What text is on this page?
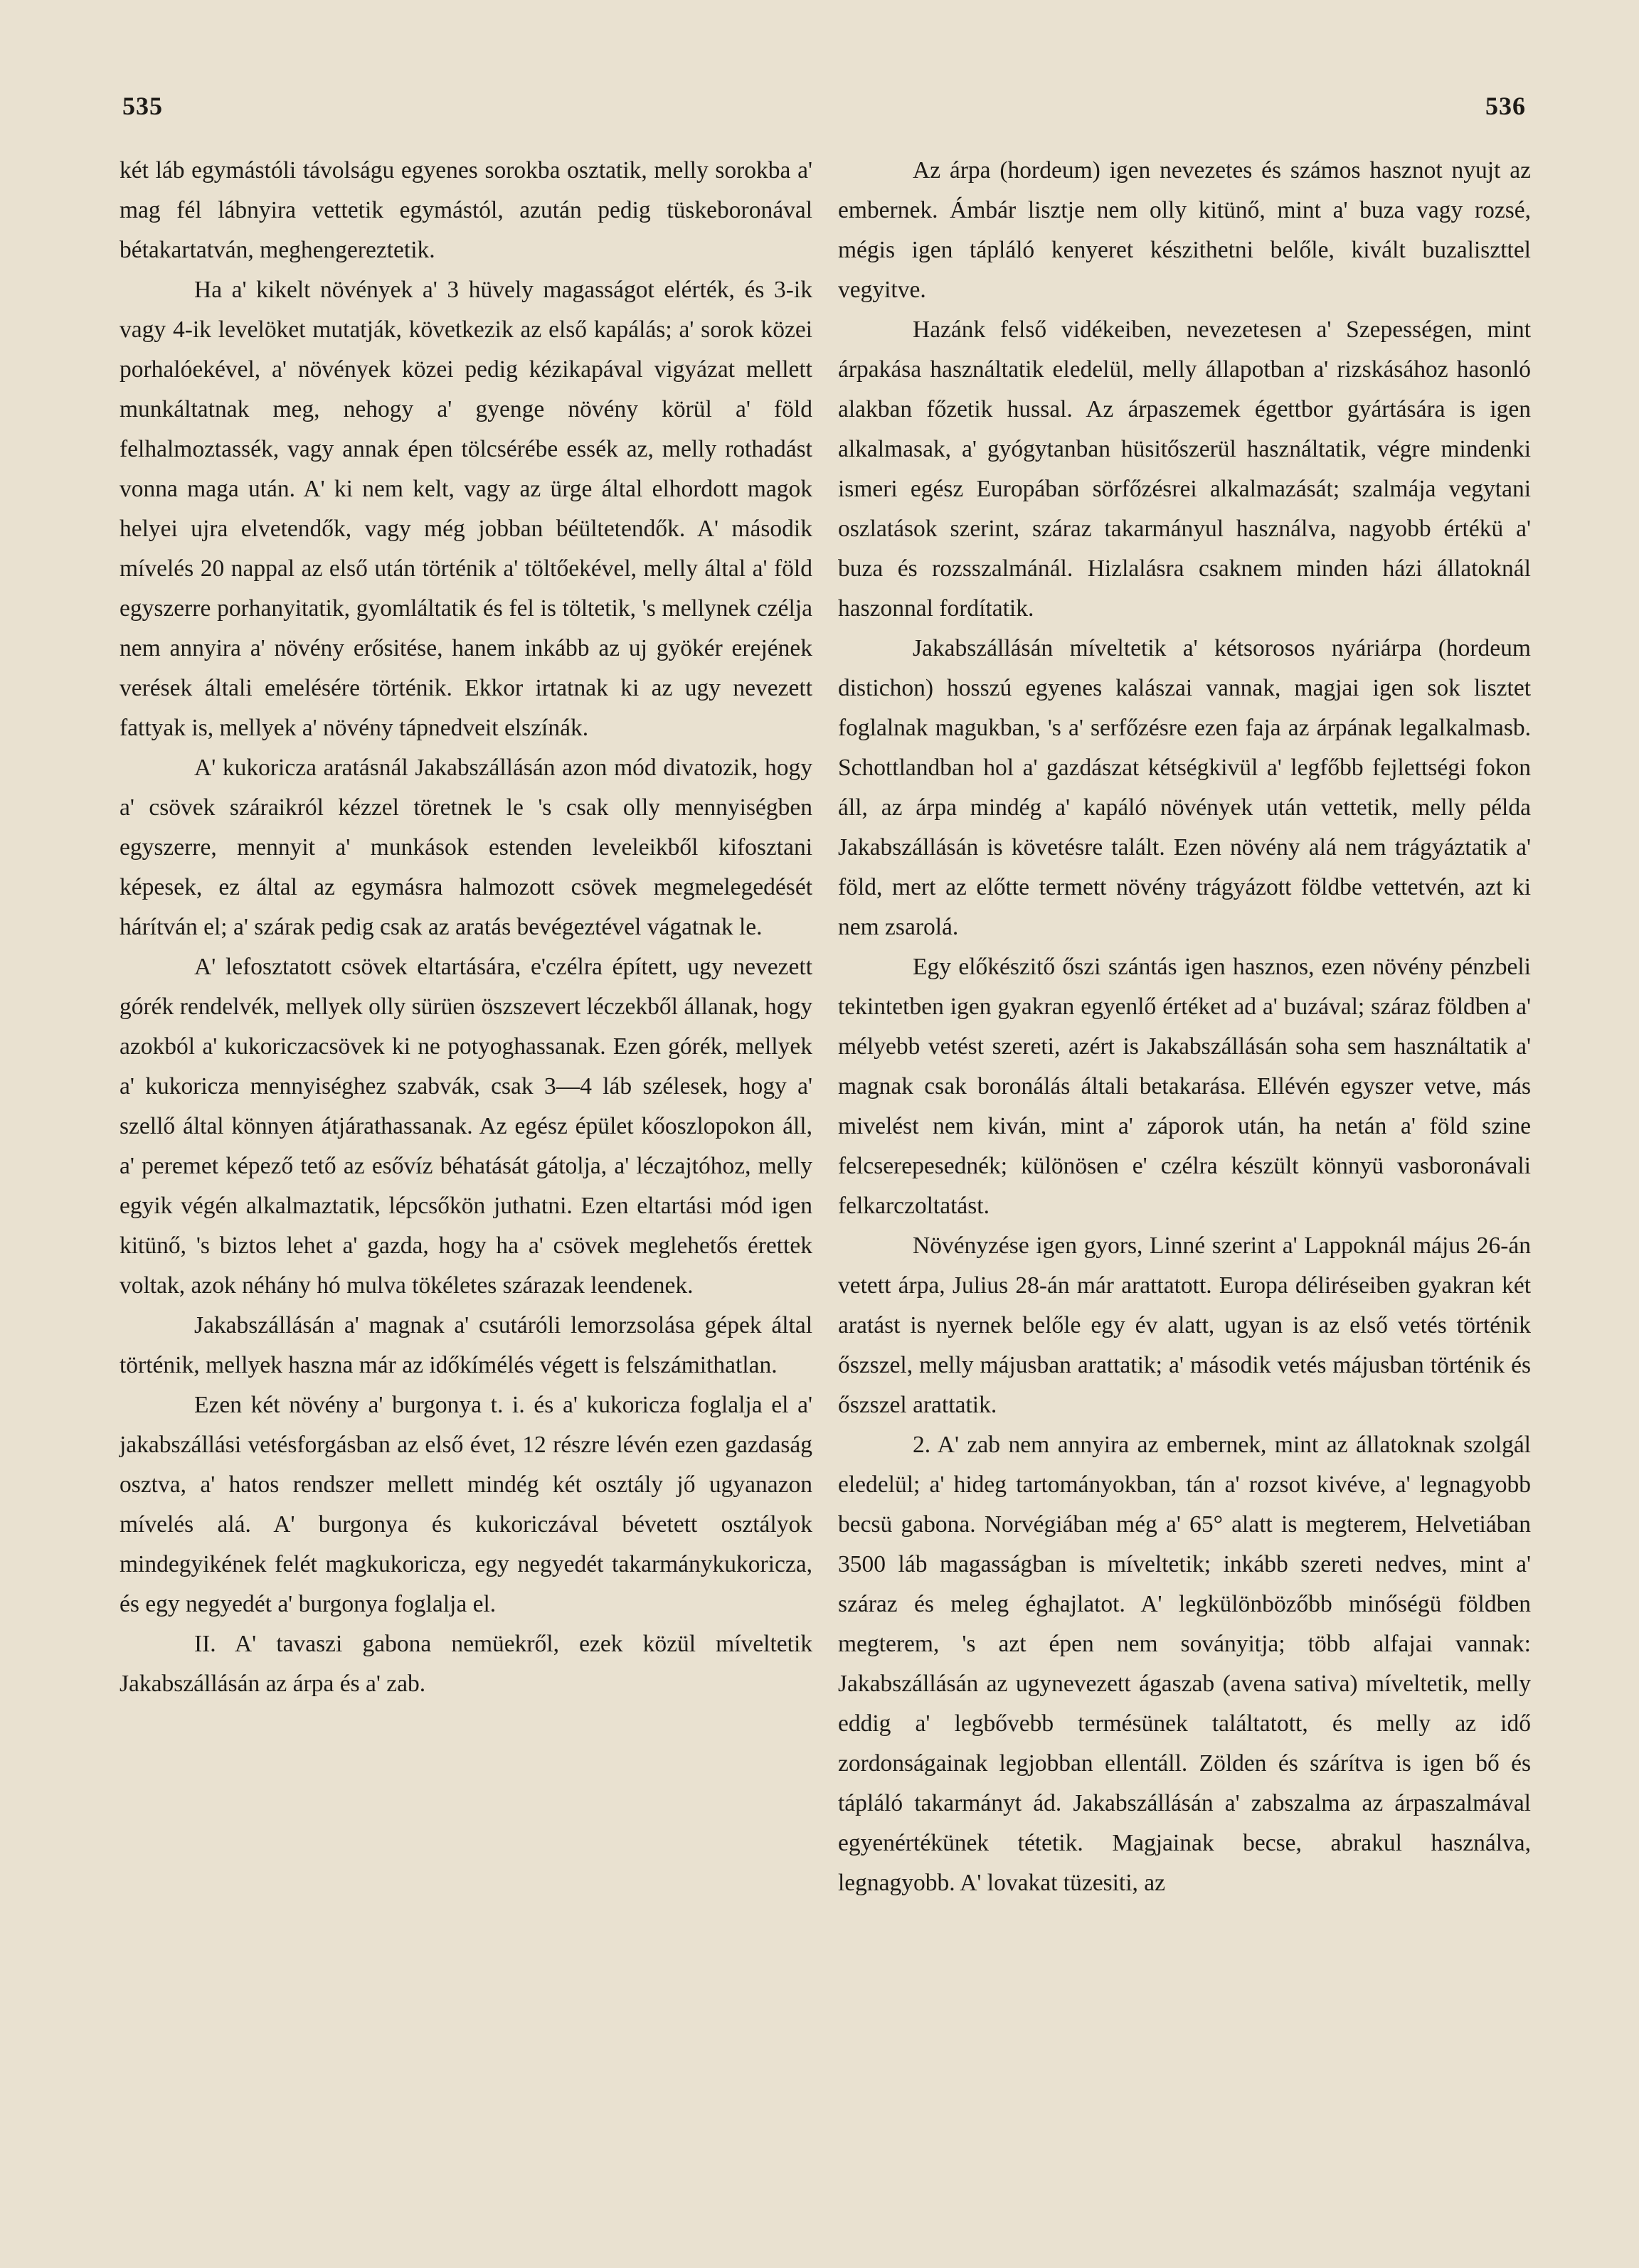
535	536

két láb egymástóli távolságu egyenes sorokba osztatik, melly sorokba a' mag fél lábnyira vettetik egymástól, azután pedig tüskeboronával bétakartatván, meghengereztetik.

Ha a' kikelt növények a' 3 hüvely magasságot elérték, és 3-ik vagy 4-ik levelöket mutatják, következik az első kapálás; a' sorok közei porhalóekével, a' növények közei pedig kézikapával vigyázat mellett munkáltatnak meg, nehogy a' gyenge növény körül a' föld felhalmoztassék, vagy annak épen tölcsérébe essék az, melly rothadást vonna maga után. A' ki nem kelt, vagy az ürge által elhordott magok helyei ujra elvetendők, vagy még jobban béültetendők. A' második mívelés 20 nappal az első után történik a' töltőekével, melly által a' föld egyszerre porhanyitatik, gyomláltatik és fel is töltetik, 's mellynek czélja nem annyira a' növény erősitése, hanem inkább az uj gyökér erejének verések általi emelésére történik. Ekkor irtatnak ki az ugy nevezett fattyak is, mellyek a' növény tápnedveit elszínák.

A' kukoricza aratásnál Jakabszállásán azon mód divatozik, hogy a' csövek száraikról kézzel töretnek le 's csak olly mennyiségben egyszerre, mennyit a' munkások estenden leveleikből kifosztani képesek, ez által az egymásra halmozott csövek megmelegedését hárítván el; a' szárak pedig csak az aratás bevégeztével vágatnak le.

A' lefosztatott csövek eltartására, e'czélra épített, ugy nevezett górék rendelvék, mellyek olly sürüen öszszevert léczekből állanak, hogy azokból a' kukoriczacsövek ki ne potyoghassanak. Ezen górék, mellyek a' kukoricza mennyiséghez szabvák, csak 3—4 láb szélesek, hogy a' szellő által könnyen átjárathassanak. Az egész épület kőoszlopokon áll, a' peremet képező tető az esővíz béhatását gátolja, a' léczajtóhoz, melly egyik végén alkalmaztatik, lépcsőkön juthatni. Ezen eltartási mód igen kitünő, 's biztos lehet a' gazda, hogy ha a' csövek meglehetős érettek voltak, azok néhány hó mulva tökéletes szárazak leendenek.

Jakabszállásán a' magnak a' csutáróli lemorzsolása gépek által történik, mellyek haszna már az időkímélés végett is felszámithatlan.

Ezen két növény a' burgonya t. i. és a' kukoricza foglalja el a' jakabszállási vetésforgásban az első évet, 12 részre lévén ezen gazdaság osztva, a' hatos rendszer mellett mindég két osztály jő ugyanazon mívelés alá. A' burgonya és kukoriczával bévetett osztályok mindegyikének felét magkukoricza, egy negyedét takarmánykukoricza, és egy negyedét a' burgonya foglalja el.

II. A' tavaszi gabona nemüekről, ezek közül míveltetik Jakabszállásán az árpa és a' zab.

Az árpa (hordeum) igen nevezetes és számos hasznot nyujt az embernek. Ámbár lisztje nem olly kitünő, mint a' buza vagy rozsé, mégis igen tápláló kenyeret készithetni belőle, kivált buzaliszttel vegyitve.

Hazánk felső vidékeiben, nevezetesen a' Szepességen, mint árpakása használtatik eledelül, melly állapotban a' rizskásához hasonló alakban főzetik hussal. Az árpaszemek égettbor gyártására is igen alkalmasak, a' gyógytanban hüsitőszerül használtatik, végre mindenki ismeri egész Europában sörfőzésrei alkalmazását; szalmája vegytani oszlatások szerint, száraz takarmányul használva, nagyobb értékü a' buza és rozsszalmánál. Hizlalásra csaknem minden házi állatoknál haszonnal fordítatik.

Jakabszállásán míveltetik a' kétsorosos nyáriárpa (hordeum distichon) hosszú egyenes kalászai vannak, magjai igen sok lisztet foglalnak magukban, 's a' serfőzésre ezen faja az árpának legalkalmasb. Schottlandban hol a' gazdászat kétségkivül a' legfőbb fejlettségi fokon áll, az árpa mindég a' kapáló növények után vettetik, melly példa Jakabszállásán is követésre talált. Ezen növény alá nem trágyáztatik a' föld, mert az előtte termett növény trágyázott földbe vettetvén, azt ki nem zsarolá.

Egy előkészitő őszi szántás igen hasznos, ezen növény pénzbeli tekintetben igen gyakran egyenlő értéket ad a' buzával; száraz földben a' mélyebb vetést szereti, azért is Jakabszállásán soha sem használtatik a' magnak csak boronálás általi betakarása. Ellévén egyszer vetve, más mivelést nem kiván, mint a' záporok után, ha netán a' föld szine felcserepesednék; különösen e' czélra készült könnyü vasboronávali felkarczoltatást.

Növényzése igen gyors, Linné szerint a' Lappoknál május 26-án vetett árpa, Julius 28-án már arattatott. Europa déliréseiben gyakran két aratást is nyernek belőle egy év alatt, ugyan is az első vetés történik őszszel, melly májusban arattatik; a' második vetés májusban történik és őszszel arattatik.

2. A' zab nem annyira az embernek, mint az állatoknak szolgál eledelül; a' hideg tartományokban, tán a' rozsot kivéve, a' legnagyobb becsü gabona. Norvégiában még a' 65° alatt is megterem, Helvetiában 3500 láb magasságban is míveltetik; inkább szereti nedves, mint a' száraz és meleg éghajlatot. A' legkülönbözőbb minőségü földben megterem, 's azt épen nem soványitja; több alfajai vannak: Jakabszállásán az ugynevezett ágaszab (avena sativa) míveltetik, melly eddig a' legbővebb termésünek találtatott, és melly az idő zordonságainak legjobban ellentáll. Zölden és szárítva is igen bő és tápláló takarmányt ád. Jakabszállásán a' zabszalma az árpaszalmával egyenértékünek tétetik. Magjainak becse, abrakul használva, legnagyobb. A' lovakat tüzesiti, az
